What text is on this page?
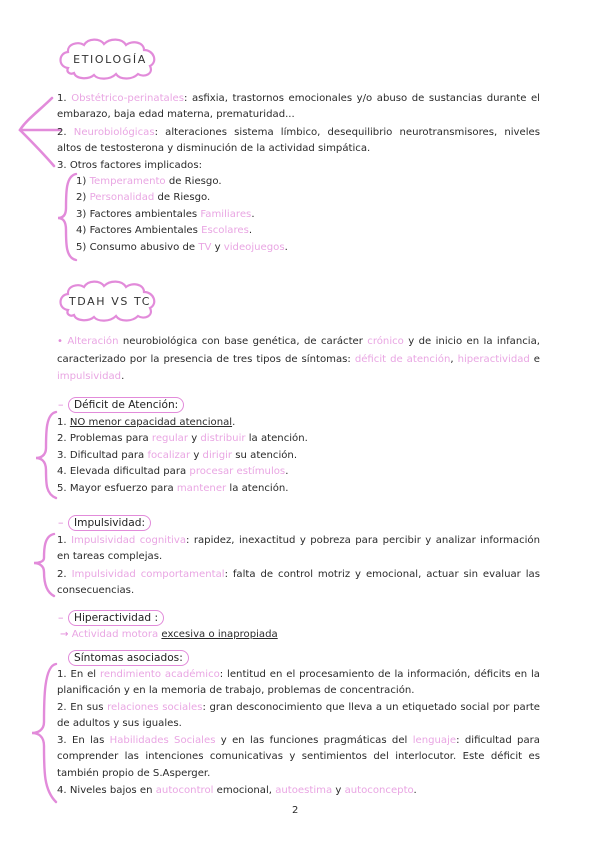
ETIOLOGÍA
1. Obstétrico-perinatales: asfixia, trastornos emocionales y/o abuso de sustancias durante el embarazo, baja edad materna, prematuridad...
2. Neurobiológicas: alteraciones sistema límbico, desequilibrio neurotransmisores, niveles altos de testosterona y disminución de la actividad simpática.
3. Otros factores implicados:
1) Temperamento de Riesgo.
2) Personalidad de Riesgo.
3) Factores ambientales Familiares.
4) Factores Ambientales Escolares.
5) Consumo abusivo de TV y videojuegos.
TDAH VS TC
• Alteración neurobiológica con base genética, de carácter crónico y de inicio en la infancia, caracterizado por la presencia de tres tipos de síntomas: déficit de atención, hiperactividad e impulsividad.
– Déficit de Atención:
1. NO menor capacidad atencional.
2. Problemas para regular y distribuir la atención.
3. Dificultad para focalizar y dirigir su atención.
4. Elevada dificultad para procesar estímulos.
5. Mayor esfuerzo para mantener la atención.
– Impulsividad:
1. Impulsividad cognitiva: rapidez, inexactitud y pobreza para percibir y analizar información en tareas complejas.
2. Impulsividad comportamental: falta de control motriz y emocional, actuar sin evaluar las consecuencias.
– Hiperactividad :
→ Actividad motora excesiva o inapropiada
Síntomas asociados:
1. En el rendimiento académico: lentitud en el procesamiento de la información, déficits en la planificación y en la memoria de trabajo, problemas de concentración.
2. En sus relaciones sociales: gran desconocimiento que lleva a un etiquetado social por parte de adultos y sus iguales.
3. En las Habilidades Sociales y en las funciones pragmáticas del lenguaje: dificultad para comprender las intenciones comunicativas y sentimientos del interlocutor. Este déficit es también propio de S.Asperger.
4. Niveles bajos en autocontrol emocional, autoestima y autoconcepto.
2
